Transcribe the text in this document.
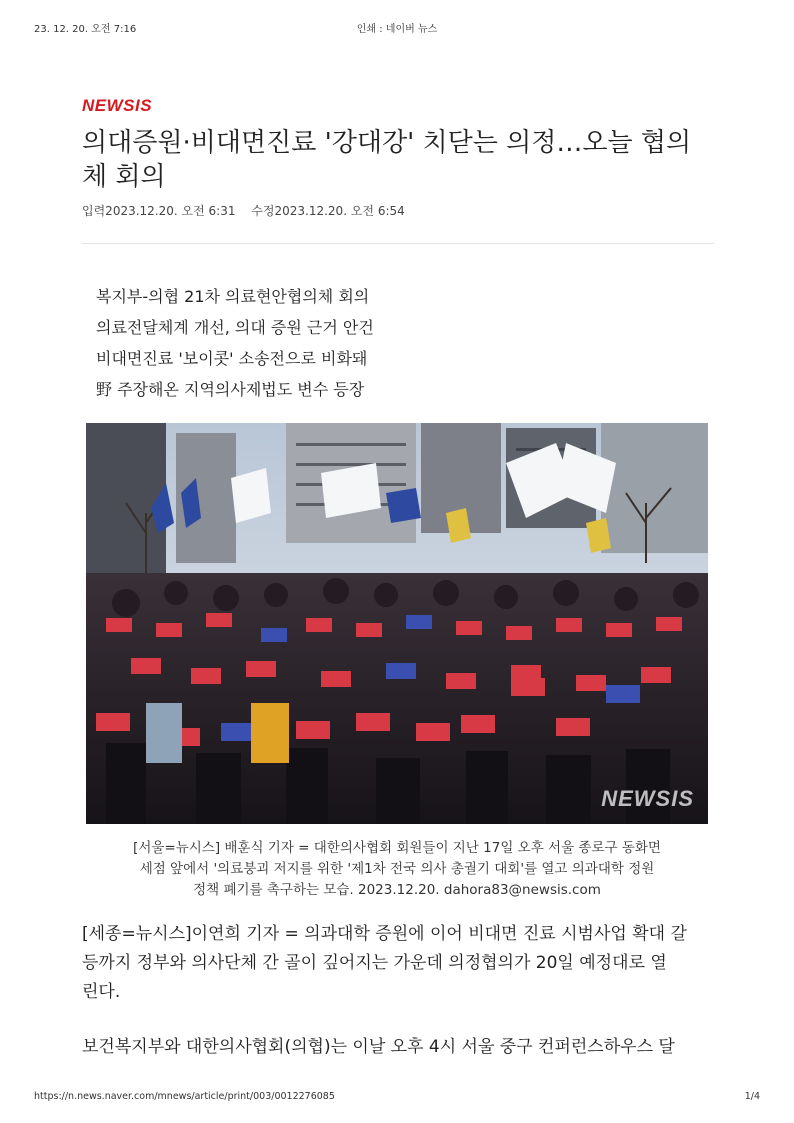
23. 12. 20. 오전 7:16	인쇄 : 네이버 뉴스
NEWSIS
의대증원·비대면진료 '강대강' 치닫는 의정…오늘 협의체 회의
입력2023.12.20. 오전 6:31 수정2023.12.20. 오전 6:54
복지부-의협 21차 의료현안협의체 회의
의료전달체계 개선, 의대 증원 근거 안건
비대면진료 '보이콧' 소송전으로 비화돼
野 주장해온 지역의사제법도 변수 등장
NEWSIS
[서울=뉴시스] 배훈식 기자 = 대한의사협회 회원들이 지난 17일 오후 서울 종로구 동화면
세점 앞에서 '의료붕괴 저지를 위한 '제1차 전국 의사 총궐기 대회'를 열고 의과대학 정원
정책 폐기를 촉구하는 모습. 2023.12.20. dahora83@newsis.com
[세종=뉴시스]이연희 기자 = 의과대학 증원에 이어 비대면 진료 시범사업 확대 갈
등까지 정부와 의사단체 간 골이 깊어지는 가운데 의정협의가 20일 예정대로 열
린다.
보건복지부와 대한의사협회(의협)는 이날 오후 4시 서울 중구 컨퍼런스하우스 달
https://n.news.naver.com/mnews/article/print/003/0012276085	1/4
